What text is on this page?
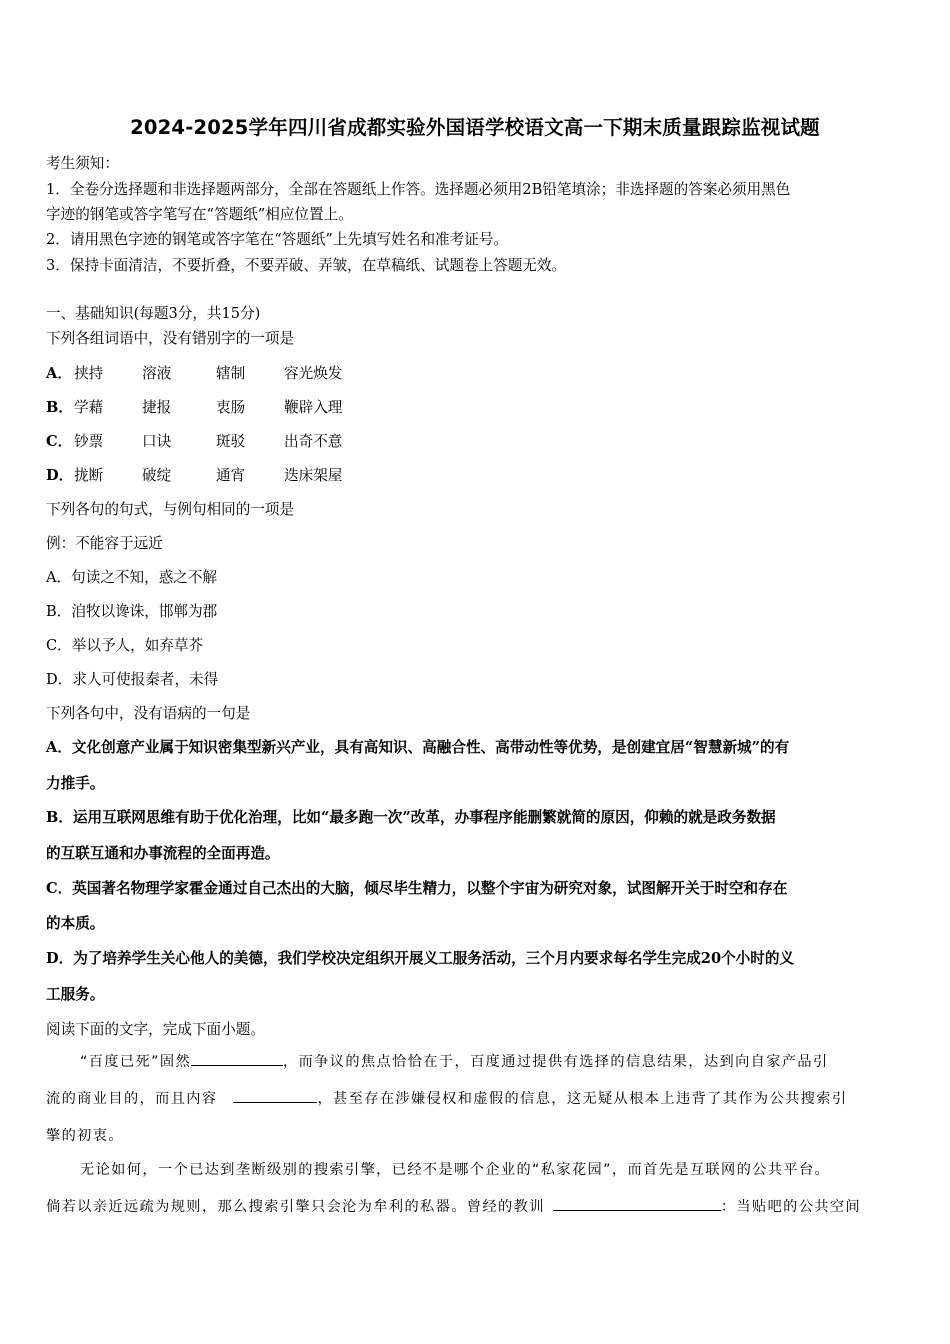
2024-2025学年四川省成都实验外国语学校语文高一下期末质量跟踪监视试题
考生须知：
1．全卷分选择题和非选择题两部分，全部在答题纸上作答。选择题必须用2B铅笔填涂；非选择题的答案必须用黑色
字迹的钢笔或答字笔写在“答题纸”相应位置上。
2．请用黑色字迹的钢笔或答字笔在“答题纸”上先填写姓名和准考证号。
3．保持卡面清洁，不要折叠，不要弄破、弄皱，在草稿纸、试题卷上答题无效。
一、基础知识(每题3分，共15分)
下列各组词语中，没有错别字的一项是
A． 挟持	溶液	辖制	容光焕发
B．学藉	捷报	衷肠	鞭辟入理
C． 钞票	口诀	斑驳	出奇不意
D．拢断	破绽	通宵	迭床架屋
下列各句的句式，与例句相同的一项是
例：不能容于远近
A．句读之不知，惑之不解
B．洎牧以谗诛，邯郸为郡
C．举以予人，如弃草芥
D．求人可使报秦者，未得
下列各句中，没有语病的一句是
A．文化创意产业属于知识密集型新兴产业，具有高知识、高融合性、高带动性等优势，是创建宜居“智慧新城”的有
力推手。
B．运用互联网思维有助于优化治理，比如“最多跑一次”改革，办事程序能删繁就简的原因，仰赖的就是政务数据
的互联互通和办事流程的全面再造。
C．英国著名物理学家霍金通过自己杰出的大脑，倾尽毕生精力，以整个宇宙为研究对象，试图解开关于时空和存在
的本质。
D．为了培养学生关心他人的美德，我们学校决定组织开展义工服务活动，三个月内要求每名学生完成20个小时的义
工服务。
阅读下面的文字，完成下面小题。
“百度已死”固然	，而争议的焦点恰恰在于，百度通过提供有选择的信息结果，达到向自家产品引
流的商业目的，而且内容	，甚至存在涉嫌侵权和虚假的信息，这无疑从根本上违背了其作为公共搜索引
擎的初衷。
无论如何，一个已达到垄断级别的搜索引擎，已经不是哪个企业的“私家花园”，而首先是互联网的公共平台。
倘若以亲近远疏为规则，那么搜索引擎只会沦为牟利的私器。曾经的教训	：当贴吧的公共空间
